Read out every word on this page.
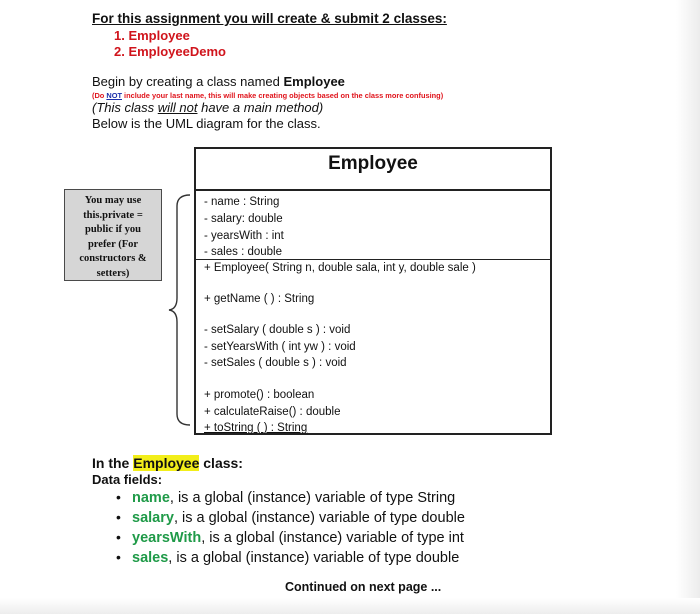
For this assignment you will create & submit 2 classes:
1. Employee
2. EmployeeDemo
Begin by creating a class named Employee
(Do NOT include your last name, this will make creating objects based on the class more confusing)
(This class will not have a main method)
Below is the UML diagram for the class.
Employee
- name : String
- salary: double
- yearsWith : int
- sales : double
+ Employee( String n, double sala, int y, double sale )
+ getName ( ) : String
- setSalary ( double s ) : void
- setYearsWith ( int yw ) : void
- setSales ( double s ) : void
+ promote() : boolean
+ calculateRaise() : double
+ toString ( ) : String
You may use
this.private =
public if you
prefer (For
constructors &
setters)
In the Employee class:
Data fields:
• name , is a global (instance) variable of type String
• salary , is a global (instance) variable of type double
• yearsWith , is a global (instance) variable of type int
• sales , is a global (instance) variable of type double
Continued on next page ...
